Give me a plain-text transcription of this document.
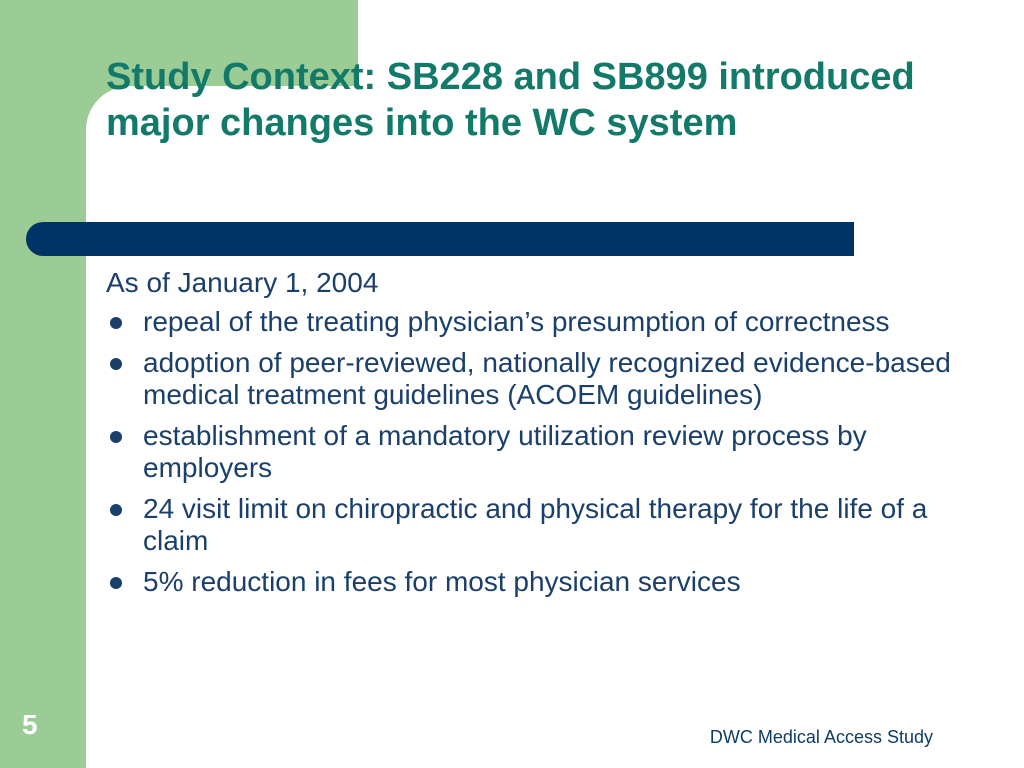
Study Context: SB228 and SB899 introduced major changes into the WC system

As of January 1, 2004

repeal of the treating physician’s presumption of correctness
adoption of peer-reviewed, nationally recognized evidence-based medical treatment guidelines (ACOEM guidelines)
establishment of a mandatory utilization review process by employers
24 visit limit on chiropractic and physical therapy for the life of a claim
5% reduction in fees for most physician services
5	DWC Medical Access Study
